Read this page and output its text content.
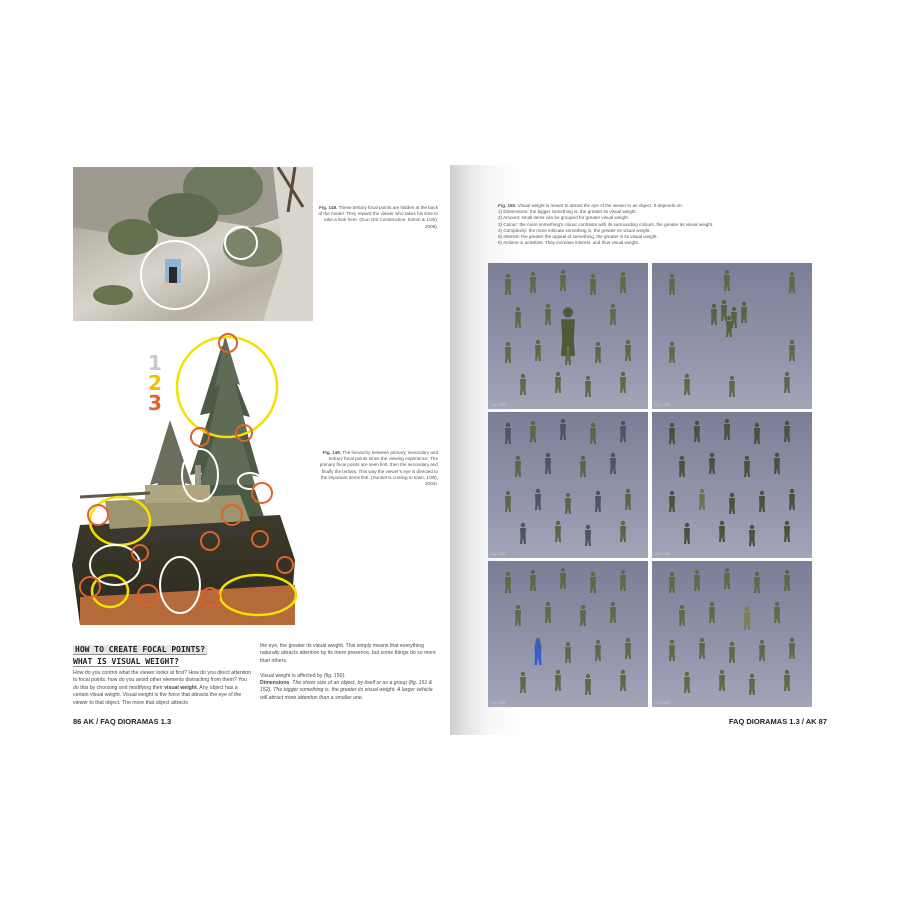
Fig. 148. These tertiary focal points are hidden at the back of the model. They reward the viewer who takes his time to take a look here. (Gun Grit Construction, 54mm & 1/35), 2008).
1
2
3
Fig. 149. The hierarchy between primary, secondary and tertiary focal points times the viewing experience. The primary focal points are seen first, then the secondary and finally the tertiary. This way the viewer's eye is directed to the important items first. (Sunset is coming to town, 1/35), 2004).
HOW TO CREATE FOCAL POINTS?
WHAT IS VISUAL WEIGHT?
How do you control what the viewer looks at first? How do you direct attention to focal points, how do you avoid other elements distracting from them? You do this by choosing and modifying their visual weight. Any object has a certain visual weight. Visual weight is the force that attracts the eye of the viewer to that object. The more that object attracts
the eye, the greater its visual weight. This simply means that everything naturally attracts attention by its mere presence, but some things do so more than others.

Visual weight is affected by (fig. 150):
Dimensions. The sheer size of an object, by itself or as a group (fig. 151 & 152). The bigger something is, the greater its visual weight. A larger vehicle will attract more attention than a smaller one.
86 AK / FAQ DIORAMAS 1.3
Fig. 150. Visual weight is meant to attract the eye of the viewer to an object. It depends on:
1) Dimensions: the bigger something is, the greater its visual weight.
2) Amount: small items can be grouped for greater visual weight.
3) Colour: the more something's colour contrasts with its surrounding colours, the greater its visual weight.
4) Complexity: the more intricate something is, the greater its visual weight.
5) Interest: the greater the appeal of something, the greater is its visual weight.
6) Actions or activities: They increase interest, and thus visual weight.
Fig. 150A	Fig. 150B
Fig. 150C	Fig. 150D
Fig. 150E	Fig. 150F
FAQ DIORAMAS 1.3 / AK 87
